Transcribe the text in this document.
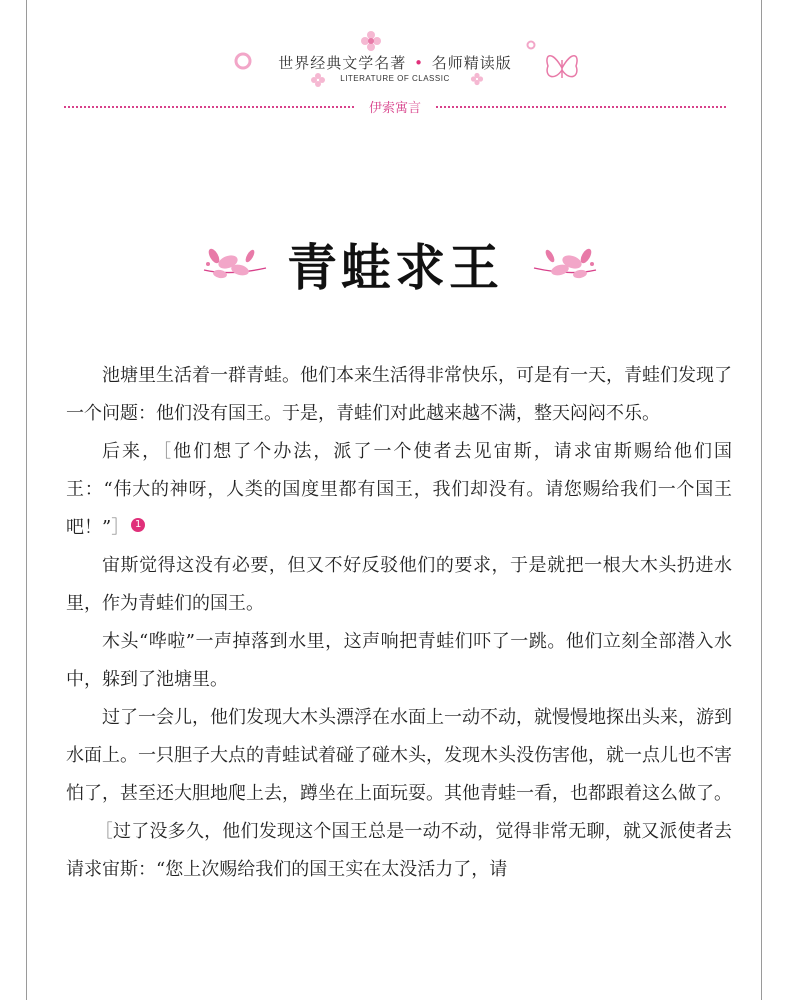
世界经典文学名著 • 名师精读版
LITERATURE OF CLASSIC
伊索寓言
青蛙求王

池塘里生活着一群青蛙。他们本来生活得非常快乐，可是有一天，青蛙们发现了一个问题：他们没有国王。于是，青蛙们对此越来越不满，整天闷闷不乐。

后来，［他们想了个办法，派了一个使者去见宙斯，请求宙斯赐给他们国王：“伟大的神呀，人类的国度里都有国王，我们却没有。请您赐给我们一个国王吧！”］ 1

宙斯觉得这没有必要，但又不好反驳他们的要求，于是就把一根大木头扔进水里，作为青蛙们的国王。

木头“哗啦”一声掉落到水里，这声响把青蛙们吓了一跳。他们立刻全部潜入水中，躲到了池塘里。

过了一会儿，他们发现大木头漂浮在水面上一动不动，就慢慢地探出头来，游到水面上。一只胆子大点的青蛙试着碰了碰木头，发现木头没伤害他，就一点儿也不害怕了，甚至还大胆地爬上去，蹲坐在上面玩耍。其他青蛙一看，也都跟着这么做了。

［过了没多久，他们发现这个国王总是一动不动，觉得非常无聊，就又派使者去请求宙斯：“您上次赐给我们的国王实在太没活力了，请
